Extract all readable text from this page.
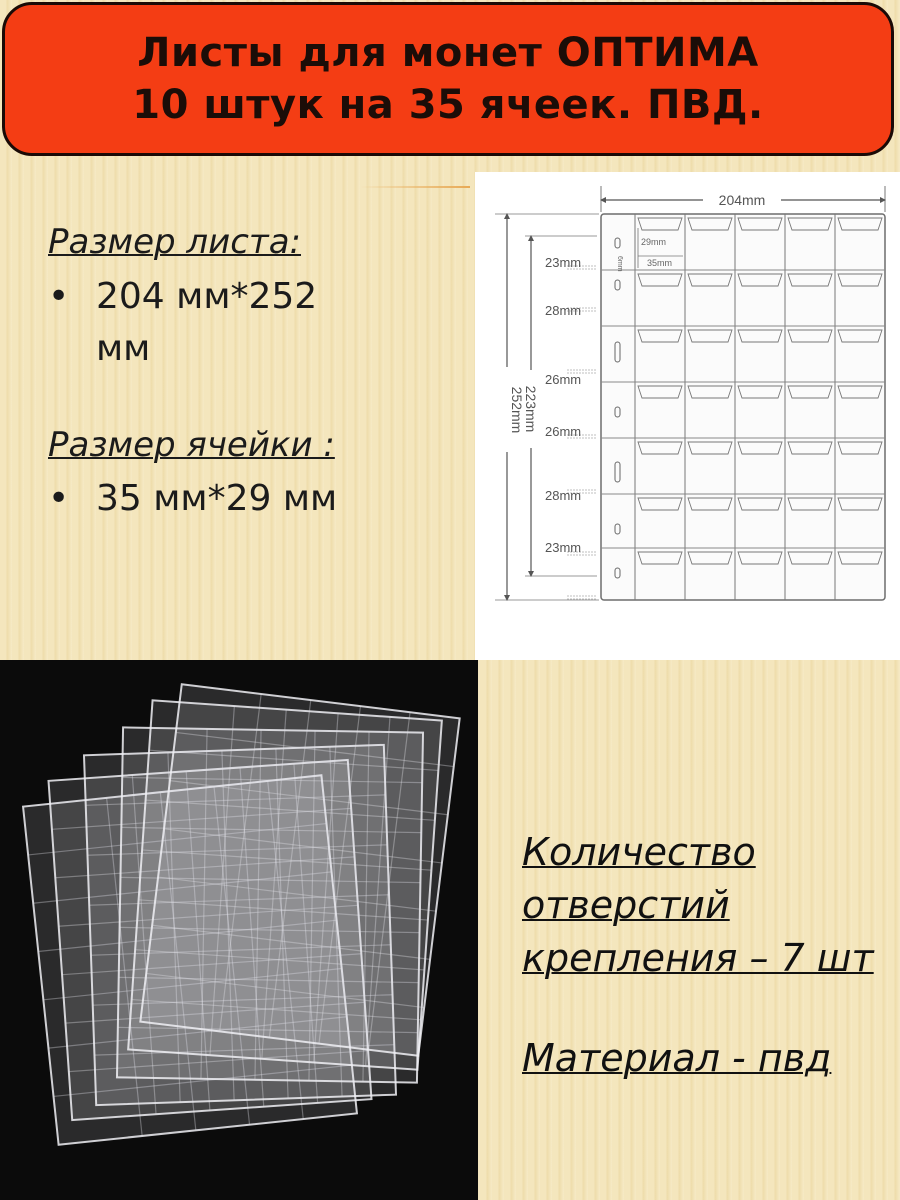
Листы для монет ОПТИМА
10 штук на 35 ячеек. ПВД.
Размер листа:
• 204 мм*252
мм
Размер ячейки :
• 35 мм*29 мм
204mm
252mm
223mm
23mm
28mm
26mm
26mm
28mm
23mm
29mm
35mm
6mm
Количество
отверстий
крепления – 7 шт
Материал - пвд
